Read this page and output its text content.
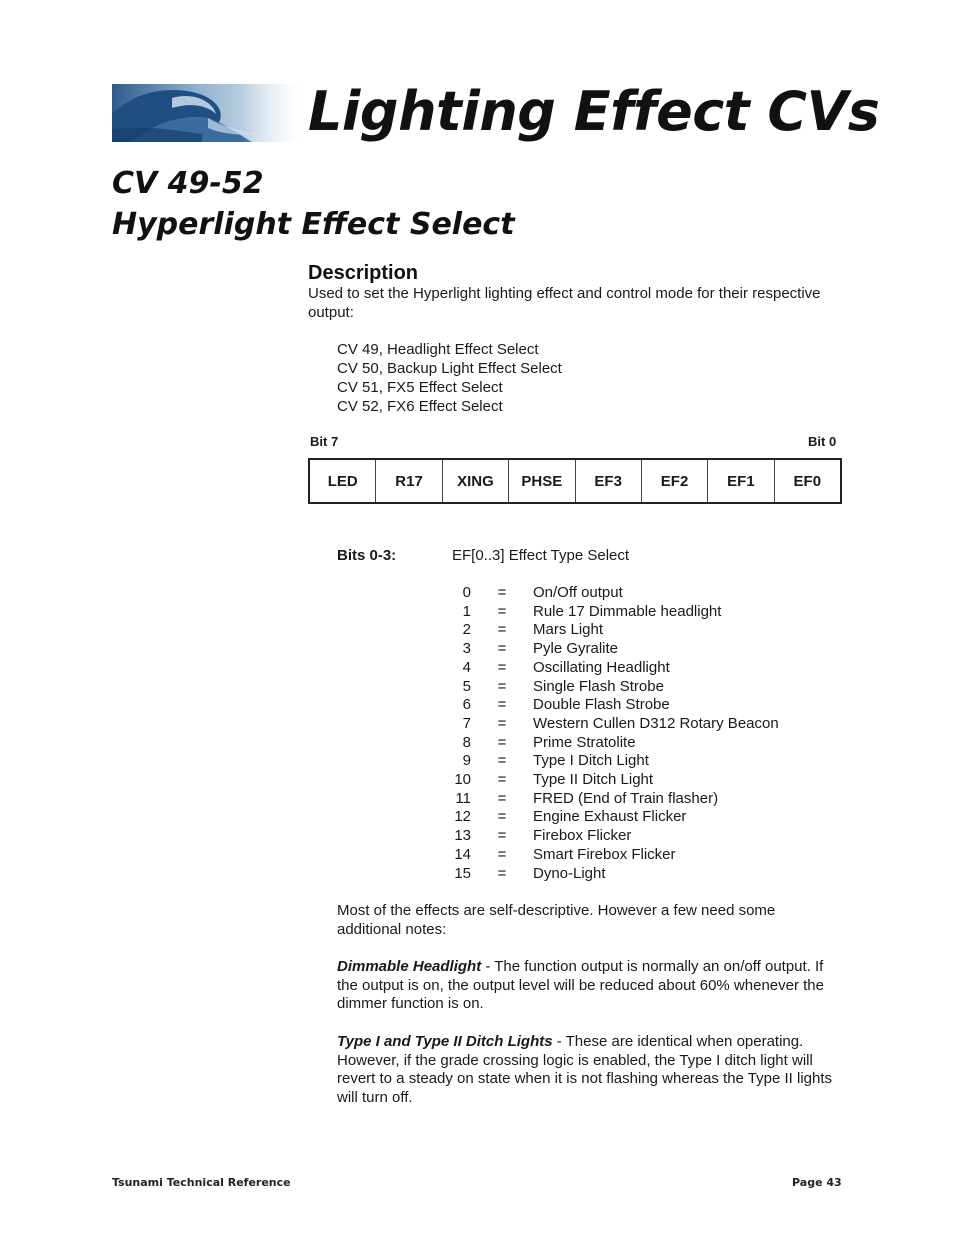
Lighting Effect CVs
CV 49-52
Hyperlight Effect Select
Description

Used to set the Hyperlight lighting effect and control mode for their respective output:

CV 49, Headlight Effect Select
CV 50, Backup Light Effect Select
CV 51, FX5 Effect Select
CV 52, FX6 Effect Select
Bit 7	Bit 0
LED	R17	XING	PHSE	EF3	EF2	EF1	EF0
Bits 0-3:	EF[0..3] Effect Type Select
0	=	On/Off output
1	=	Rule 17 Dimmable headlight
2	=	Mars Light
3	=	Pyle Gyralite
4	=	Oscillating Headlight
5	=	Single Flash Strobe
6	=	Double Flash Strobe
7	=	Western Cullen D312 Rotary Beacon
8	=	Prime Stratolite
9	=	Type I Ditch Light
10	=	Type II Ditch Light
11	=	FRED (End of Train flasher)
12	=	Engine Exhaust Flicker
13	=	Firebox Flicker
14	=	Smart Firebox Flicker
15	=	Dyno-Light

Most of the effects are self-descriptive. However a few need some additional notes:

Dimmable Headlight - The function output is normally an on/off output. If the output is on, the output level will be reduced about 60% whenever the dimmer function is on.

Type I and Type II Ditch Lights - These are identical when operating. However, if the grade crossing logic is enabled, the Type I ditch light will revert to a steady on state when it is not flashing whereas the Type II lights will turn off.

Tsunami Technical Reference	Page 43
